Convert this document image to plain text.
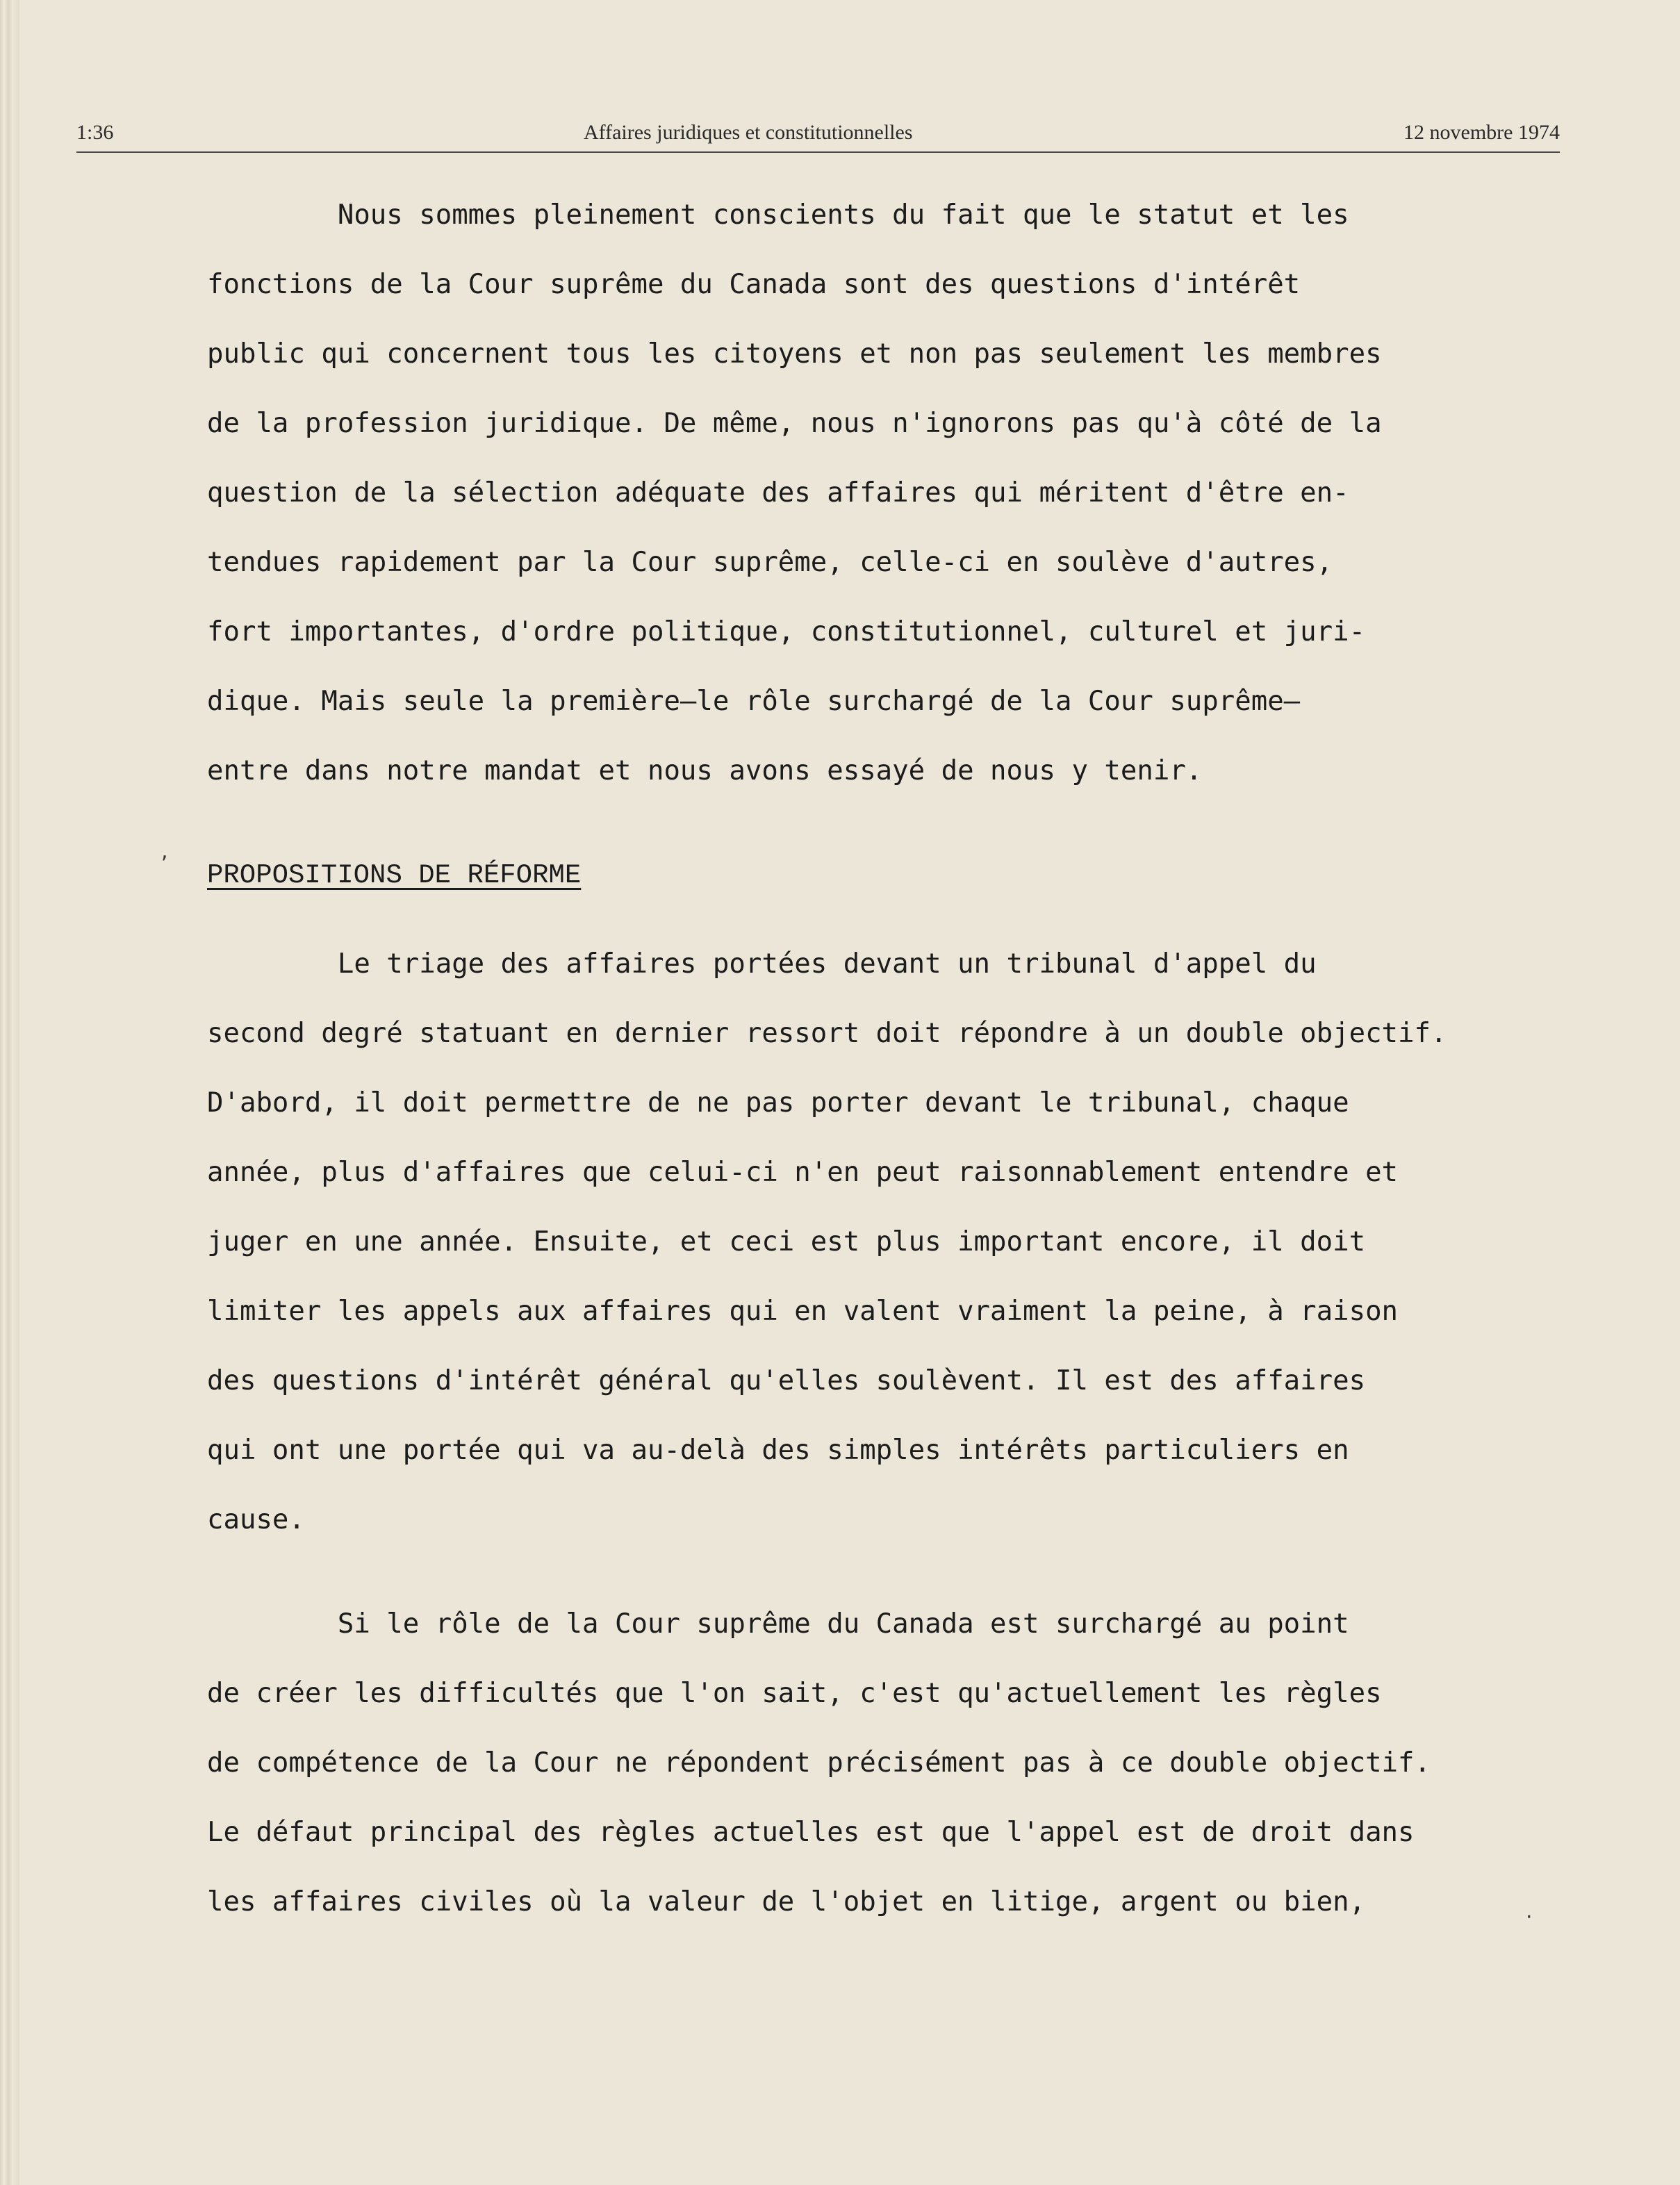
1:36	Affaires juridiques et constitutionnelles	12 novembre 1974
Nous sommes pleinement conscients du fait que le statut et les
fonctions de la Cour suprême du Canada sont des questions d'intérêt
public qui concernent tous les citoyens et non pas seulement les membres
de la profession juridique. De même, nous n'ignorons pas qu'à côté de la
question de la sélection adéquate des affaires qui méritent d'être en-
tendues rapidement par la Cour suprême, celle-ci en soulève d'autres,
fort importantes, d'ordre politique, constitutionnel, culturel et juri-
dique. Mais seule la première—le rôle surchargé de la Cour suprême—
entre dans notre mandat et nous avons essayé de nous y tenir.
PROPOSITIONS DE RÉFORME
Le triage des affaires portées devant un tribunal d'appel du
second degré statuant en dernier ressort doit répondre à un double objectif.
D'abord, il doit permettre de ne pas porter devant le tribunal, chaque
année, plus d'affaires que celui-ci n'en peut raisonnablement entendre et
juger en une année. Ensuite, et ceci est plus important encore, il doit
limiter les appels aux affaires qui en valent vraiment la peine, à raison
des questions d'intérêt général qu'elles soulèvent. Il est des affaires
qui ont une portée qui va au-delà des simples intérêts particuliers en
cause.
Si le rôle de la Cour suprême du Canada est surchargé au point
de créer les difficultés que l'on sait, c'est qu'actuellement les règles
de compétence de la Cour ne répondent précisément pas à ce double objectif.
Le défaut principal des règles actuelles est que l'appel est de droit dans
les affaires civiles où la valeur de l'objet en litige, argent ou bien,
,
·
